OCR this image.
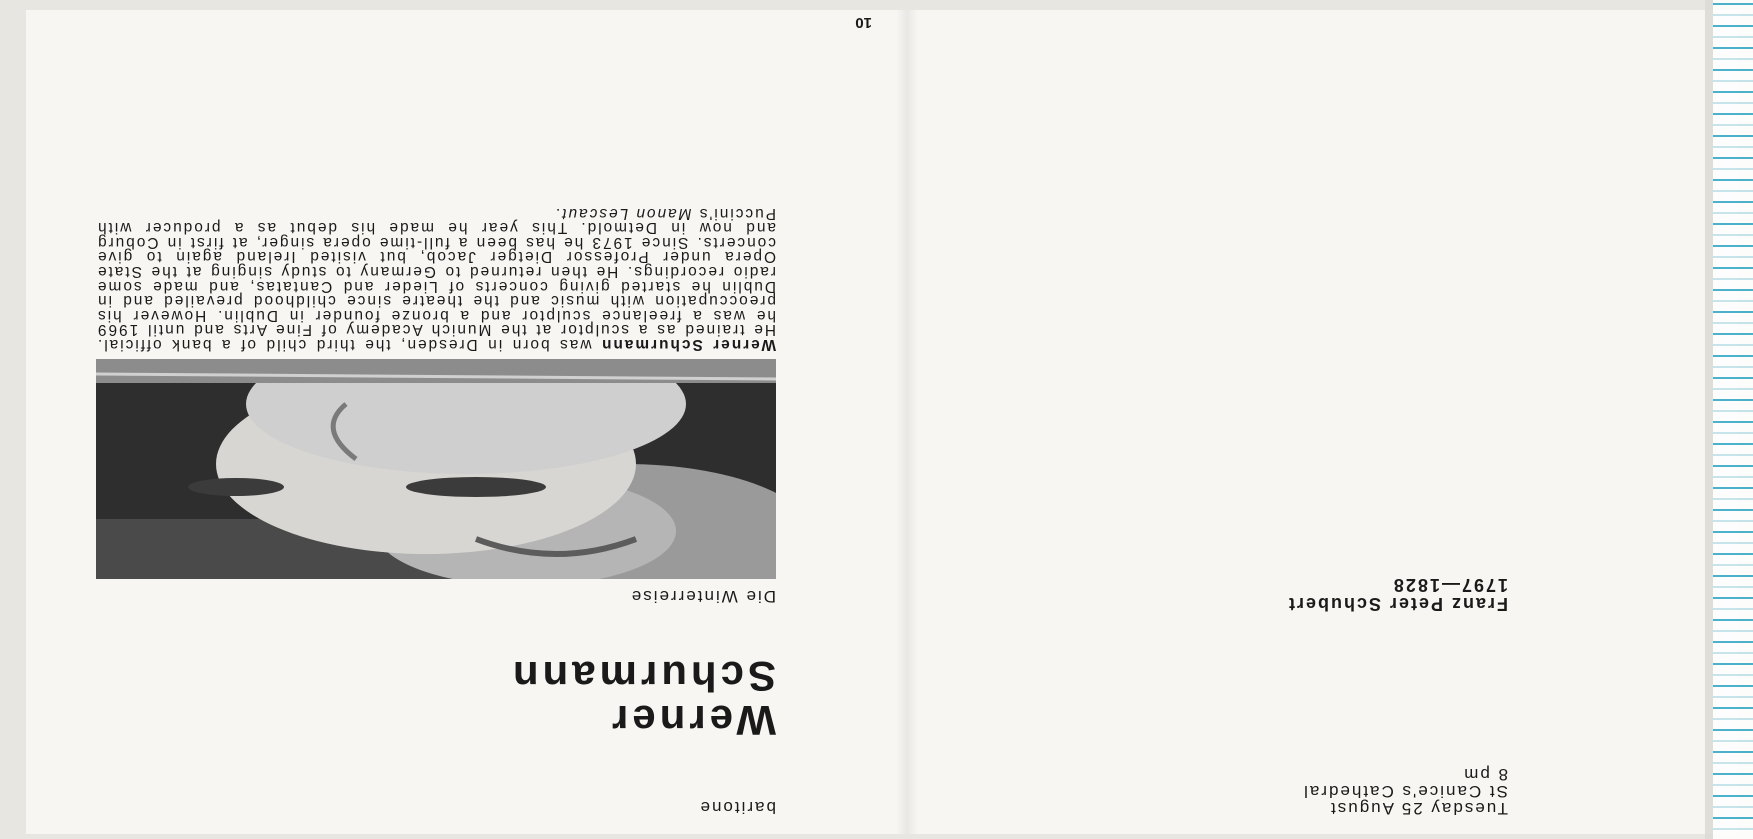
Tuesday 25 August
St Canice's Cathedral
8 pm
Franz Peter Schubert
1797—1828
baritone
Werner
Schurmann
Die Winterreise
Werner Schurmann was born in Dresden, the third child of a bank official. He trained as a sculptor at the Munich Academy of Fine Arts and until 1969 he was a freelance sculptor and a bronze founder in Dublin. However his preoccupation with music and the theatre since childhood prevailed and in Dublin he started giving concerts of Lieder and Cantatas, and made some radio recordings. He then returned to Germany to study singing at the State Opera under Professor Dietger Jacob, but visited Ireland again to give concerts. Since 1973 he has been a full-time opera singer, at first in Coburg and now in Detmold. This year he made his debut as a producer with Puccini's Manon Lescaut.
10
